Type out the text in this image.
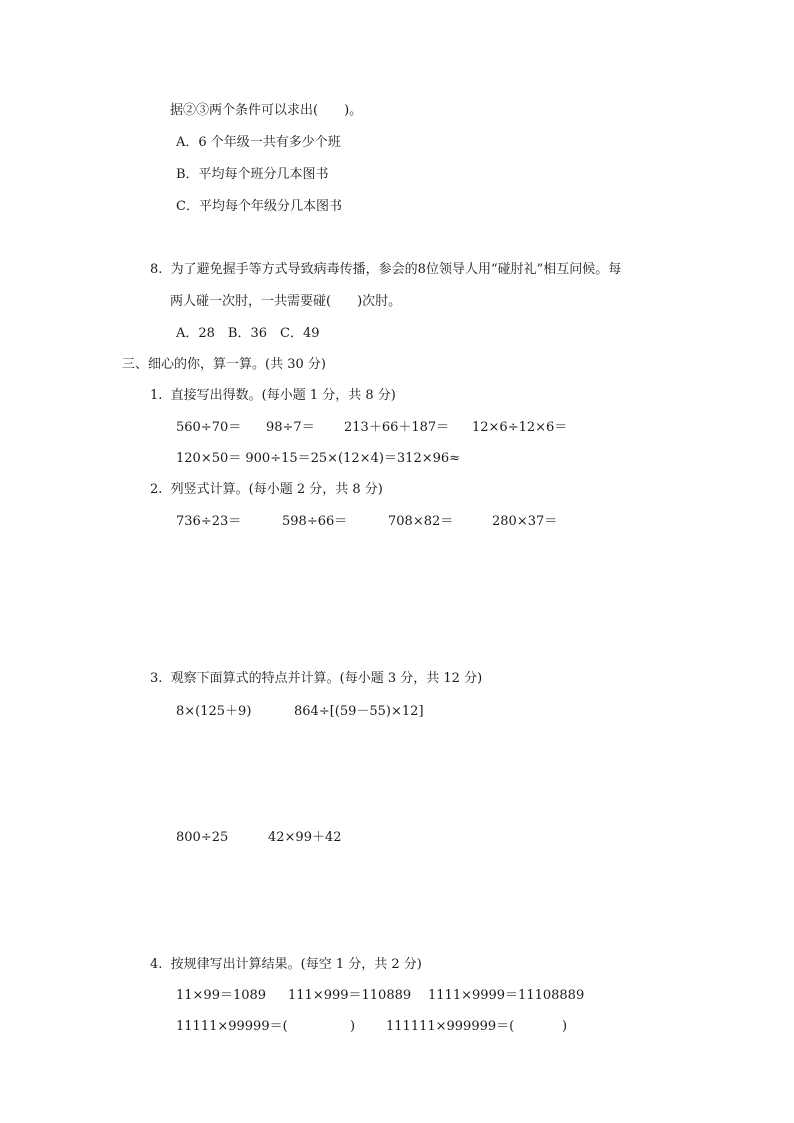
据②③两个条件可以求出(　　)。
A．6 个年级一共有多少个班
B．平均每个班分几本图书
C．平均每个年级分几本图书
8.  为了避免握手等方式导致病毒传播，参会的8位领导人用“碰肘礼”相互问候。每
两人碰一次肘，一共需要碰(　　)次肘。
A．28　B．36　C．49
三、细心的你，算一算。(共 30 分)
1.  直接写出得数。(每小题 1 分，共 8 分)
560÷70＝ 98÷7＝ 213＋66＋187＝ 12×6÷12×6＝
120×50＝ 900÷15＝25×(12×4)＝312×96≈
2.  列竖式计算。(每小题 2 分，共 8 分)
736÷23＝	598÷66＝	708×82＝	280×37＝
3.  观察下面算式的特点并计算。(每小题 3 分，共 12 分)
8×(125＋9)	864÷[(59－55)×12]
800÷25	42×99＋42
4.  按规律写出计算结果。(每空 1 分，共 2 分)
11×99＝1089 111×999＝110889 1111×9999＝11108889
11111×99999＝(	) 111111×999999＝(	)
